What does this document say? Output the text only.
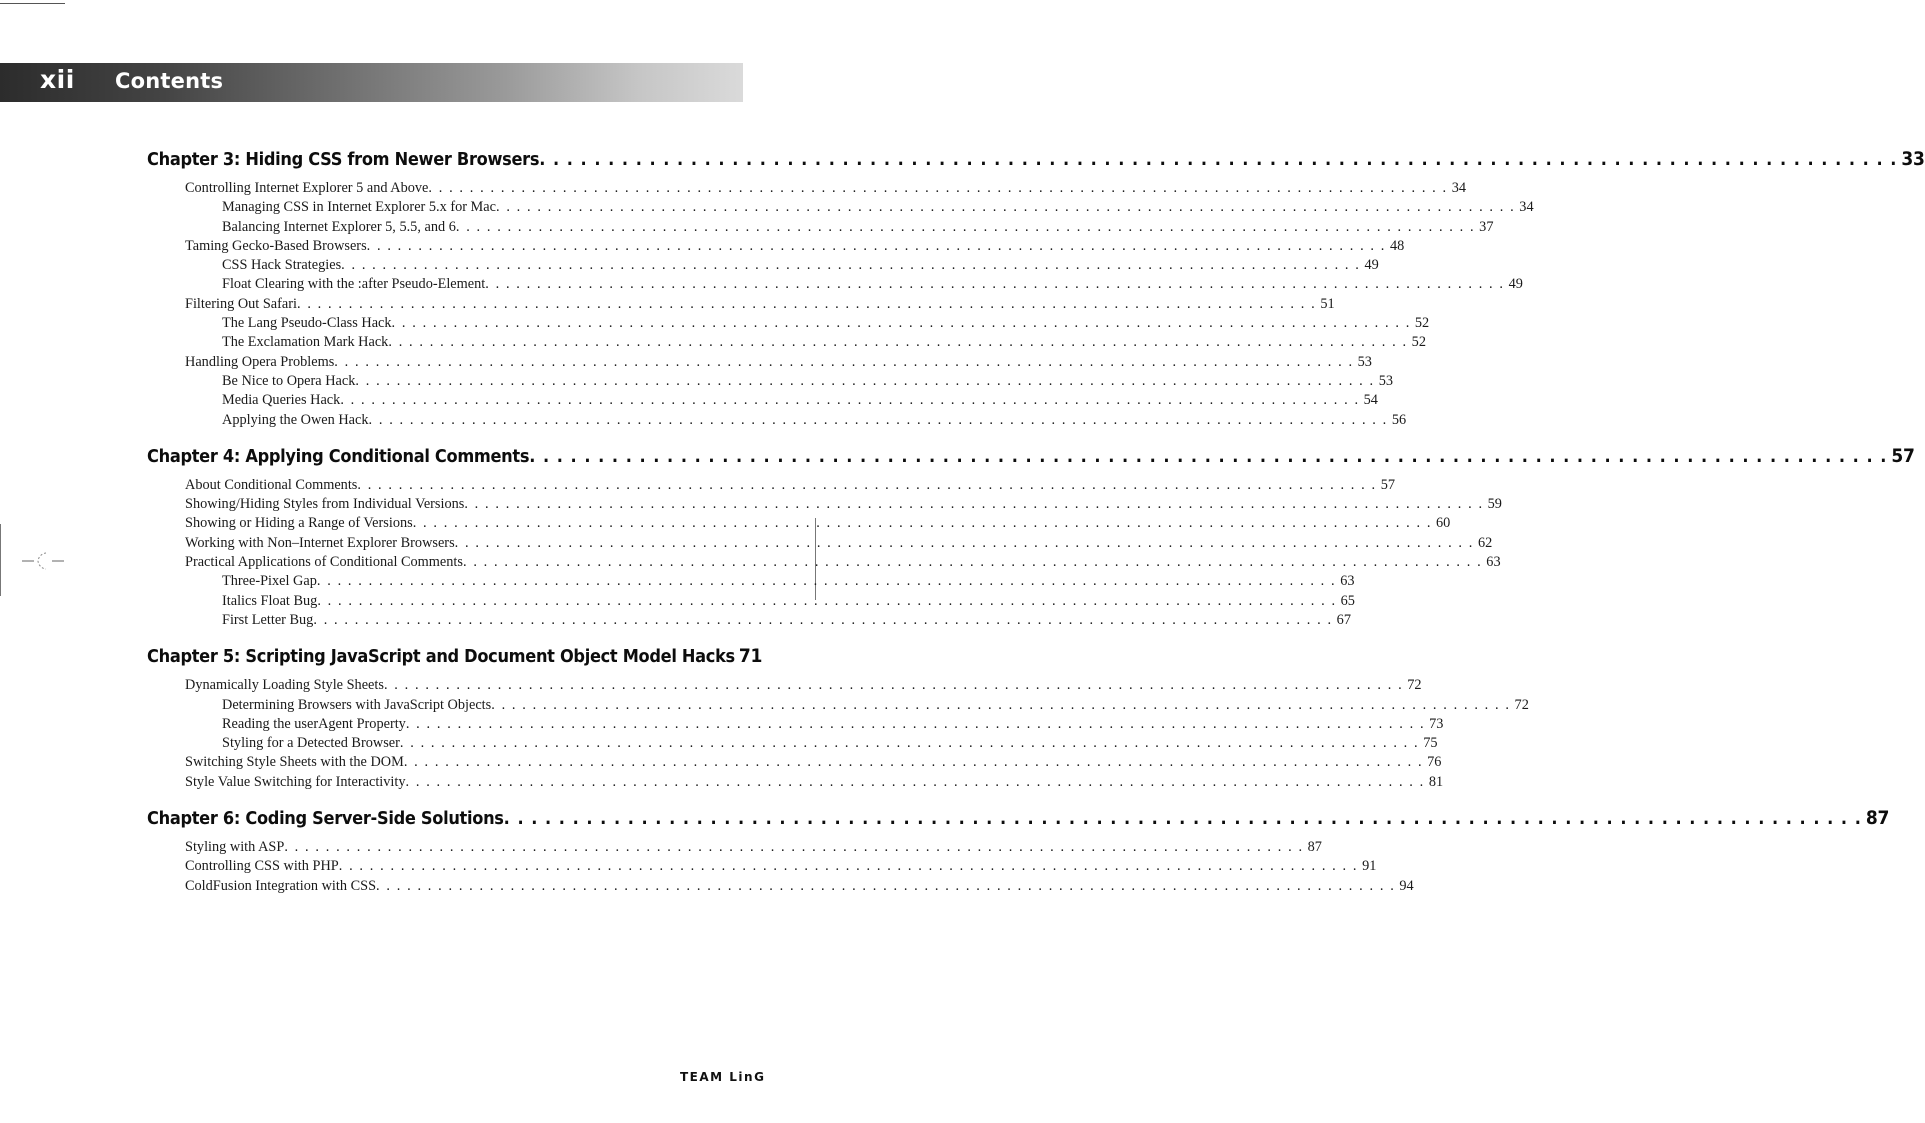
xii Contents
Chapter 3: Hiding CSS from Newer Browsers . . .	33
Controlling Internet Explorer 5 and Above . . .	34
Managing CSS in Internet Explorer 5.x for Mac . . .	34
Balancing Internet Explorer 5, 5.5, and 6 . . .	37
Taming Gecko-Based Browsers . . .	48
CSS Hack Strategies . . .	49
Float Clearing with the :after Pseudo-Element . . .	49
Filtering Out Safari . . .	51
The Lang Pseudo-Class Hack . . .	52
The Exclamation Mark Hack . . .	52
Handling Opera Problems . . .	53
Be Nice to Opera Hack . . .	53
Media Queries Hack . . .	54
Applying the Owen Hack . . .	56
Chapter 4: Applying Conditional Comments . . .	57
About Conditional Comments . . .	57
Showing/Hiding Styles from Individual Versions . . .	59
Showing or Hiding a Range of Versions . . .	60
Working with Non–Internet Explorer Browsers . . .	62
Practical Applications of Conditional Comments . . .	63
Three-Pixel Gap . . .	63
Italics Float Bug . . .	65
First Letter Bug . . .	67
Chapter 5: Scripting JavaScript and Document Object Model Hacks 71
Dynamically Loading Style Sheets . . .	72
Determining Browsers with JavaScript Objects . . .	72
Reading the userAgent Property . . .	73
Styling for a Detected Browser . . .	75
Switching Style Sheets with the DOM . . .	76
Style Value Switching for Interactivity . . .	81
Chapter 6: Coding Server-Side Solutions . . .	87
Styling with ASP . . .	87
Controlling CSS with PHP . . .	91
ColdFusion Integration with CSS . . .	94
TEAM LinG
